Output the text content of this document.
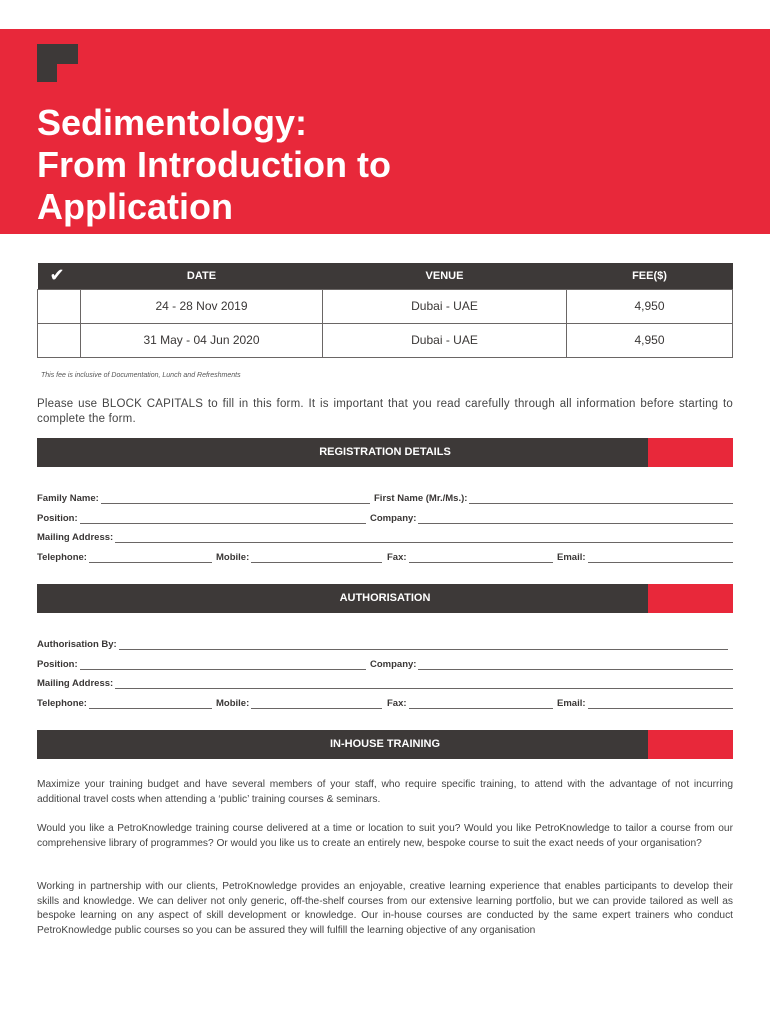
Sedimentology:
From Introduction to
Application
✔	DATE	VENUE	FEE($)
	24 - 28 Nov 2019	Dubai - UAE	4,950
	31 May - 04 Jun 2020	Dubai - UAE	4,950
This fee is inclusive of Documentation, Lunch and Refreshments
Please use BLOCK CAPITALS to fill in this form. It is important that you read carefully through all information before starting to complete the form.
REGISTRATION DETAILS
Family Name:	First Name (Mr./Ms.):
Position:	Company:
Mailing Address:
Telephone:	Mobile:	Fax:	Email:
AUTHORISATION
Authorisation By:
Position:	Company:
Mailing Address:
Telephone:	Mobile:	Fax:	Email:
IN-HOUSE TRAINING
Maximize your training budget and have several members of your staff, who require specific training, to attend with the advantage of not incurring additional travel costs when attending a ‘public’ training courses & seminars.
Would you like a PetroKnowledge training course delivered at a time or location to suit you? Would you like PetroKnowledge to tailor a course from our comprehensive library of programmes? Or would you like us to create an entirely new, bespoke course to suit the exact needs of your organisation?
Working in partnership with our clients, PetroKnowledge provides an enjoyable, creative learning experience that enables participants to develop their skills and knowledge. We can deliver not only generic, off-the-shelf courses from our extensive learning portfolio, but we can provide tailored as well as bespoke learning on any aspect of skill development or knowledge. Our in-house courses are conducted by the same expert trainers who conduct PetroKnowledge public courses so you can be assured they will fulfill the learning objective of any organisation
